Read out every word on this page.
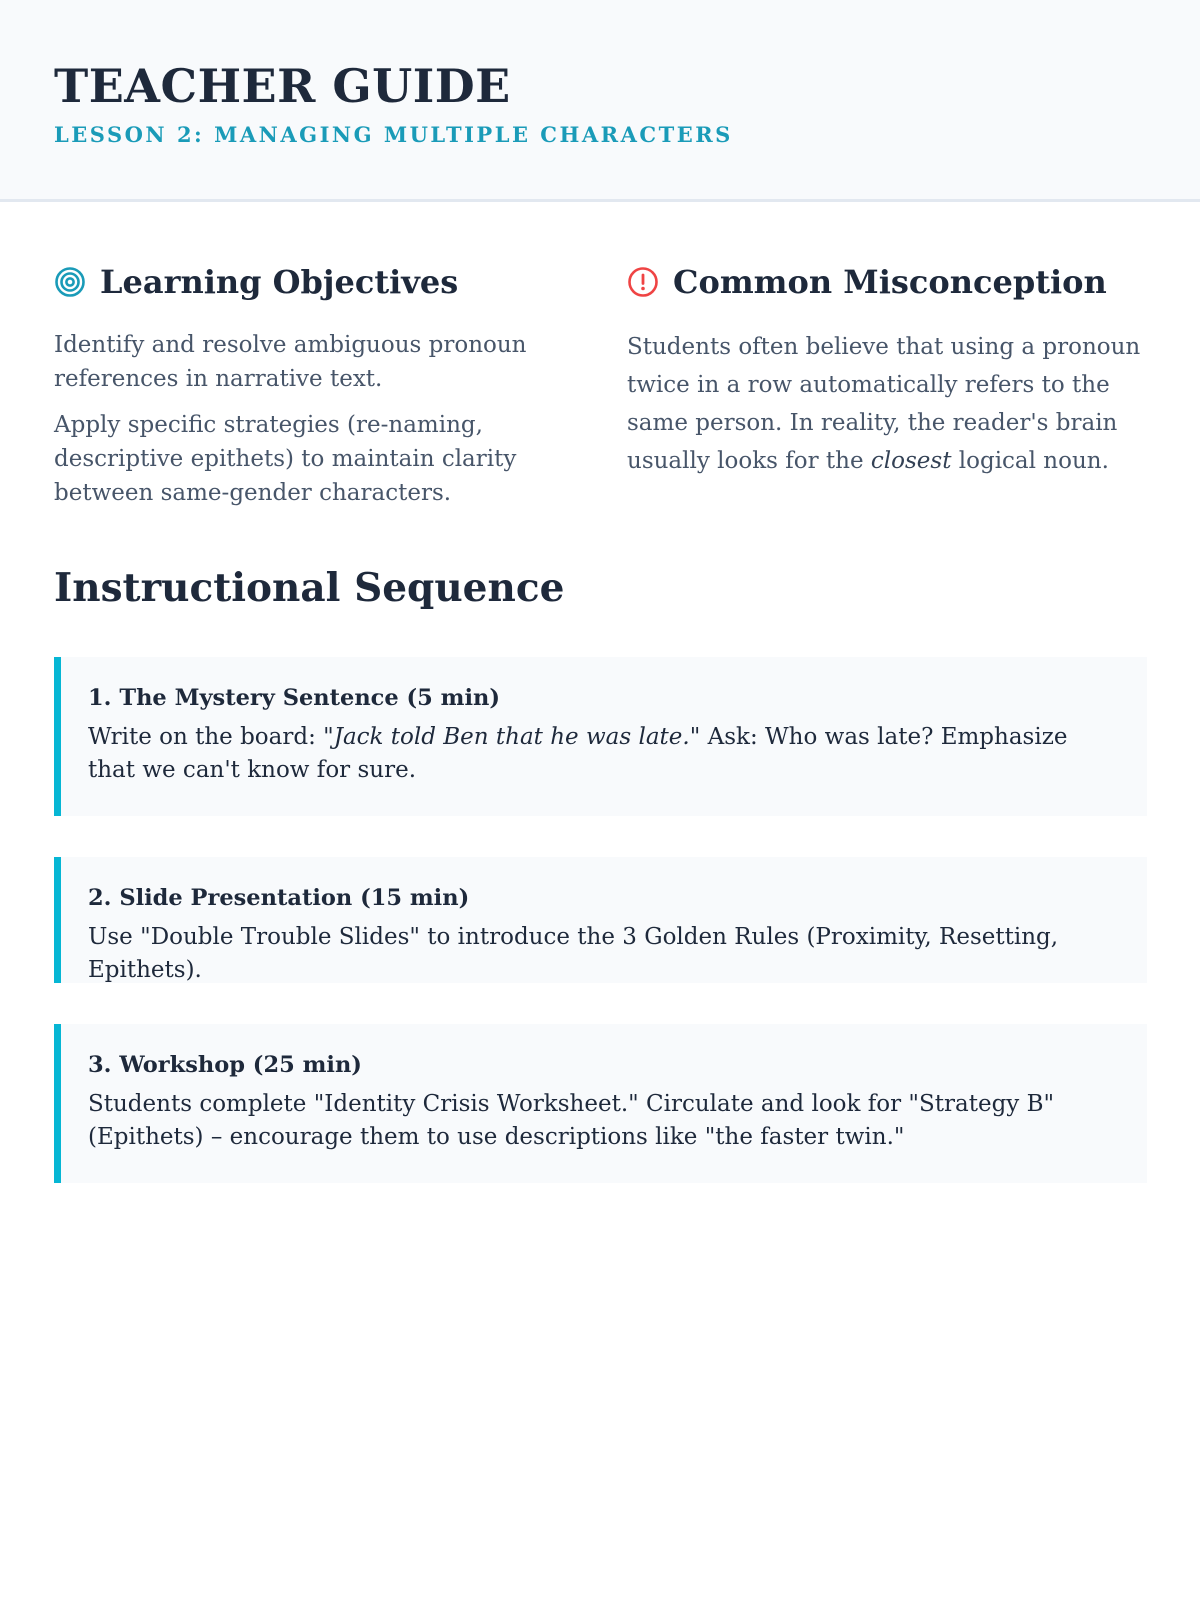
TEACHER GUIDE
LESSON 2: MANAGING MULTIPLE CHARACTERS
Learning Objectives

Identify and resolve ambiguous pronoun references in narrative text.

Apply specific strategies (re-naming, descriptive epithets) to maintain clarity between same-gender characters.

Common Misconception

Students often believe that using a pronoun twice in a row automatically refers to the same person. In reality, the reader's brain usually looks for the closest logical noun.

Instructional Sequence
1. The Mystery Sentence (5 min)
Write on the board: "Jack told Ben that he was late." Ask: Who was late? Emphasize that we can't know for sure.
2. Slide Presentation (15 min)
Use "Double Trouble Slides" to introduce the 3 Golden Rules (Proximity, Resetting, Epithets).
3. Workshop (25 min)
Students complete "Identity Crisis Worksheet." Circulate and look for "Strategy B" (Epithets) – encourage them to use descriptions like "the faster twin."
